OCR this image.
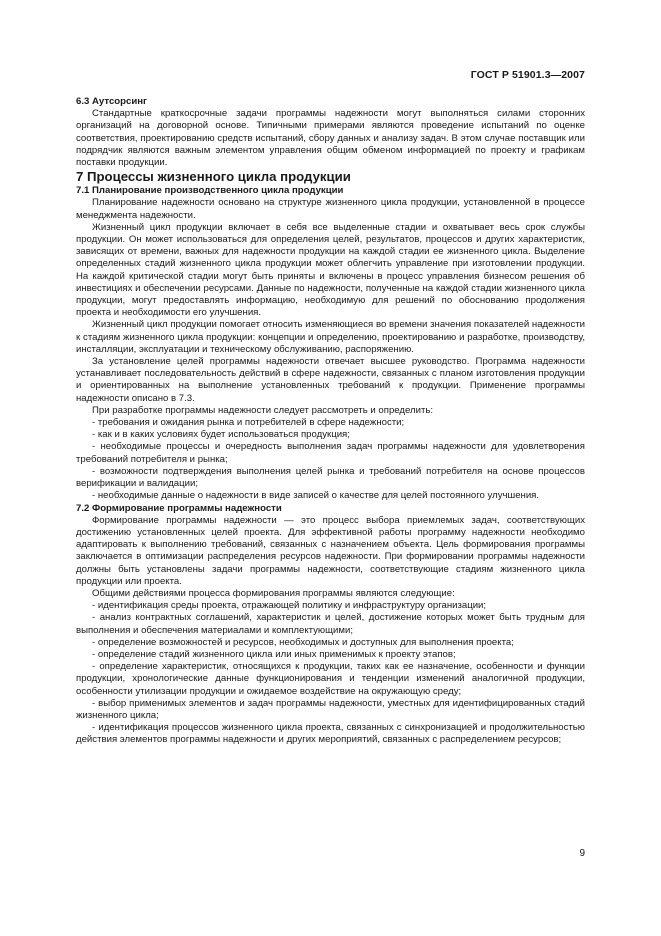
ГОСТ Р 51901.3—2007

6.3 Аутсорсинг

Стандартные краткосрочные задачи программы надежности могут выполняться силами сторонних организаций на договорной основе. Типичными примерами являются проведение испытаний по оценке соответствия, проектированию средств испытаний, сбору данных и анализу задач. В этом случае поставщик или подрядчик являются важным элементом управления общим обменом информацией по проекту и графикам поставки продукции.

7 Процессы жизненного цикла продукции

7.1 Планирование производственного цикла продукции

Планирование надежности основано на структуре жизненного цикла продукции, установленной в процессе менеджмента надежности.

Жизненный цикл продукции включает в себя все выделенные стадии и охватывает весь срок службы продукции. Он может использоваться для определения целей, результатов, процессов и других характеристик, зависящих от времени, важных для надежности продукции на каждой стадии ее жизненного цикла. Выделение определенных стадий жизненного цикла продукции может облегчить управление при изготовлении продукции. На каждой критической стадии могут быть приняты и включены в процесс управления бизнесом решения об инвестициях и обеспечении ресурсами. Данные по надежности, полученные на каждой стадии жизненного цикла продукции, могут предоставлять информацию, необходимую для решений по обоснованию продолжения проекта и необходимости его улучшения.

Жизненный цикл продукции помогает относить изменяющиеся во времени значения показателей надежности к стадиям жизненного цикла продукции: концепции и определению, проектированию и разработке, производству, инсталляции, эксплуатации и техническому обслуживанию, распоряжению.

За установление целей программы надежности отвечает высшее руководство. Программа надежности устанавливает последовательность действий в сфере надежности, связанных с планом изготовления продукции и ориентированных на выполнение установленных требований к продукции. Применение программы надежности описано в 7.3.

При разработке программы надежности следует рассмотреть и определить:

- требования и ожидания рынка и потребителей в сфере надежности;

- как и в каких условиях будет использоваться продукция;

- необходимые процессы и очередность выполнения задач программы надежности для удовлетворения требований потребителя и рынка;

- возможности подтверждения выполнения целей рынка и требований потребителя на основе процессов верификации и валидации;

- необходимые данные о надежности в виде записей о качестве для целей постоянного улучшения.

7.2 Формирование программы надежности

Формирование программы надежности — это процесс выбора приемлемых задач, соответствующих достижению установленных целей проекта. Для эффективной работы программу надежности необходимо адаптировать к выполнению требований, связанных с назначением объекта. Цель формирования программы заключается в оптимизации распределения ресурсов надежности. При формировании программы надежности должны быть установлены задачи программы надежности, соответствующие стадиям жизненного цикла продукции или проекта.

Общими действиями процесса формирования программы являются следующие:

- идентификация среды проекта, отражающей политику и инфраструктуру организации;

- анализ контрактных соглашений, характеристик и целей, достижение которых может быть трудным для выполнения и обеспечения материалами и комплектующими;

- определение возможностей и ресурсов, необходимых и доступных для выполнения проекта;

- определение стадий жизненного цикла или иных применимых к проекту этапов;

- определение характеристик, относящихся к продукции, таких как ее назначение, особенности и функции продукции, хронологические данные функционирования и тенденции изменений аналогичной продукции, особенности утилизации продукции и ожидаемое воздействие на окружающую среду;

- выбор применимых элементов и задач программы надежности, уместных для идентифицированных стадий жизненного цикла;

- идентификация процессов жизненного цикла проекта, связанных с синхронизацией и продолжительностью действия элементов программы надежности и других мероприятий, связанных с распределением ресурсов;

9
